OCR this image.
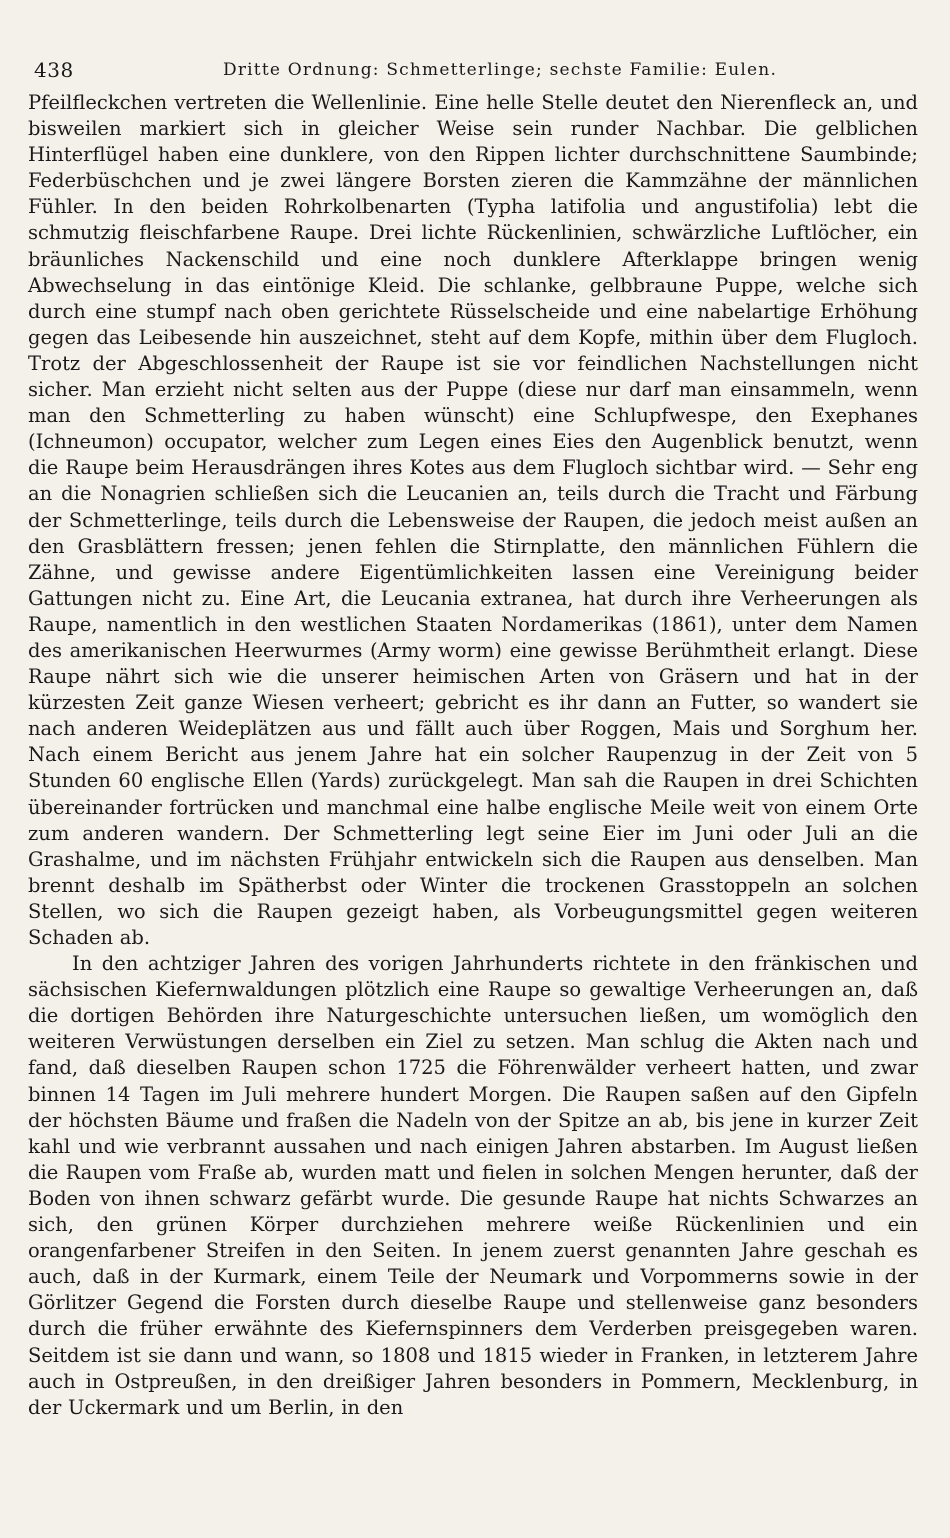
438	Dritte Ordnung: Schmetterlinge; sechste Familie: Eulen.

Pfeilfleckchen vertreten die Wellenlinie. Eine helle Stelle deutet den Nierenfleck an, und bisweilen markiert sich in gleicher Weise sein runder Nachbar. Die gelblichen Hinterflügel haben eine dunklere, von den Rippen lichter durchschnittene Saumbinde; Federbüschchen und je zwei längere Borsten zieren die Kammzähne der männlichen Fühler. In den beiden Rohrkolbenarten (Typha latifolia und angustifolia) lebt die schmutzig fleischfarbene Raupe. Drei lichte Rückenlinien, schwärzliche Luftlöcher, ein bräunliches Nackenschild und eine noch dunklere Afterklappe bringen wenig Abwechselung in das eintönige Kleid. Die schlanke, gelbbraune Puppe, welche sich durch eine stumpf nach oben gerichtete Rüsselscheide und eine nabelartige Erhöhung gegen das Leibesende hin auszeichnet, steht auf dem Kopfe, mithin über dem Flugloch. Trotz der Abgeschlossenheit der Raupe ist sie vor feindlichen Nachstellungen nicht sicher. Man erzieht nicht selten aus der Puppe (diese nur darf man einsammeln, wenn man den Schmetterling zu haben wünscht) eine Schlupfwespe, den Exephanes (Ichneumon) occupator, welcher zum Legen eines Eies den Augenblick benutzt, wenn die Raupe beim Herausdrängen ihres Kotes aus dem Flugloch sichtbar wird. — Sehr eng an die Nonagrien schließen sich die Leucanien an, teils durch die Tracht und Färbung der Schmetterlinge, teils durch die Lebensweise der Raupen, die jedoch meist außen an den Grasblättern fressen; jenen fehlen die Stirnplatte, den männlichen Fühlern die Zähne, und gewisse andere Eigentümlichkeiten lassen eine Vereinigung beider Gattungen nicht zu. Eine Art, die Leucania extranea, hat durch ihre Verheerungen als Raupe, namentlich in den westlichen Staaten Nordamerikas (1861), unter dem Namen des amerikanischen Heerwurmes (Army worm) eine gewisse Berühmtheit erlangt. Diese Raupe nährt sich wie die unserer heimischen Arten von Gräsern und hat in der kürzesten Zeit ganze Wiesen verheert; gebricht es ihr dann an Futter, so wandert sie nach anderen Weideplätzen aus und fällt auch über Roggen, Mais und Sorghum her. Nach einem Bericht aus jenem Jahre hat ein solcher Raupenzug in der Zeit von 5 Stunden 60 englische Ellen (Yards) zurückgelegt. Man sah die Raupen in drei Schichten übereinander fortrücken und manchmal eine halbe englische Meile weit von einem Orte zum anderen wandern. Der Schmetterling legt seine Eier im Juni oder Juli an die Grashalme, und im nächsten Frühjahr entwickeln sich die Raupen aus denselben. Man brennt deshalb im Spätherbst oder Winter die trockenen Grasstoppeln an solchen Stellen, wo sich die Raupen gezeigt haben, als Vorbeugungsmittel gegen weiteren Schaden ab.

In den achtziger Jahren des vorigen Jahrhunderts richtete in den fränkischen und sächsischen Kiefernwaldungen plötzlich eine Raupe so gewaltige Verheerungen an, daß die dortigen Behörden ihre Naturgeschichte untersuchen ließen, um womöglich den weiteren Verwüstungen derselben ein Ziel zu setzen. Man schlug die Akten nach und fand, daß dieselben Raupen schon 1725 die Föhrenwälder verheert hatten, und zwar binnen 14 Tagen im Juli mehrere hundert Morgen. Die Raupen saßen auf den Gipfeln der höchsten Bäume und fraßen die Nadeln von der Spitze an ab, bis jene in kurzer Zeit kahl und wie verbrannt aussahen und nach einigen Jahren abstarben. Im August ließen die Raupen vom Fraße ab, wurden matt und fielen in solchen Mengen herunter, daß der Boden von ihnen schwarz gefärbt wurde. Die gesunde Raupe hat nichts Schwarzes an sich, den grünen Körper durchziehen mehrere weiße Rückenlinien und ein orangenfarbener Streifen in den Seiten. In jenem zuerst genannten Jahre geschah es auch, daß in der Kurmark, einem Teile der Neumark und Vorpommerns sowie in der Görlitzer Gegend die Forsten durch dieselbe Raupe und stellenweise ganz besonders durch die früher erwähnte des Kiefernspinners dem Verderben preisgegeben waren. Seitdem ist sie dann und wann, so 1808 und 1815 wieder in Franken, in letzterem Jahre auch in Ostpreußen, in den dreißiger Jahren besonders in Pommern, Mecklenburg, in der Uckermark und um Berlin, in den
